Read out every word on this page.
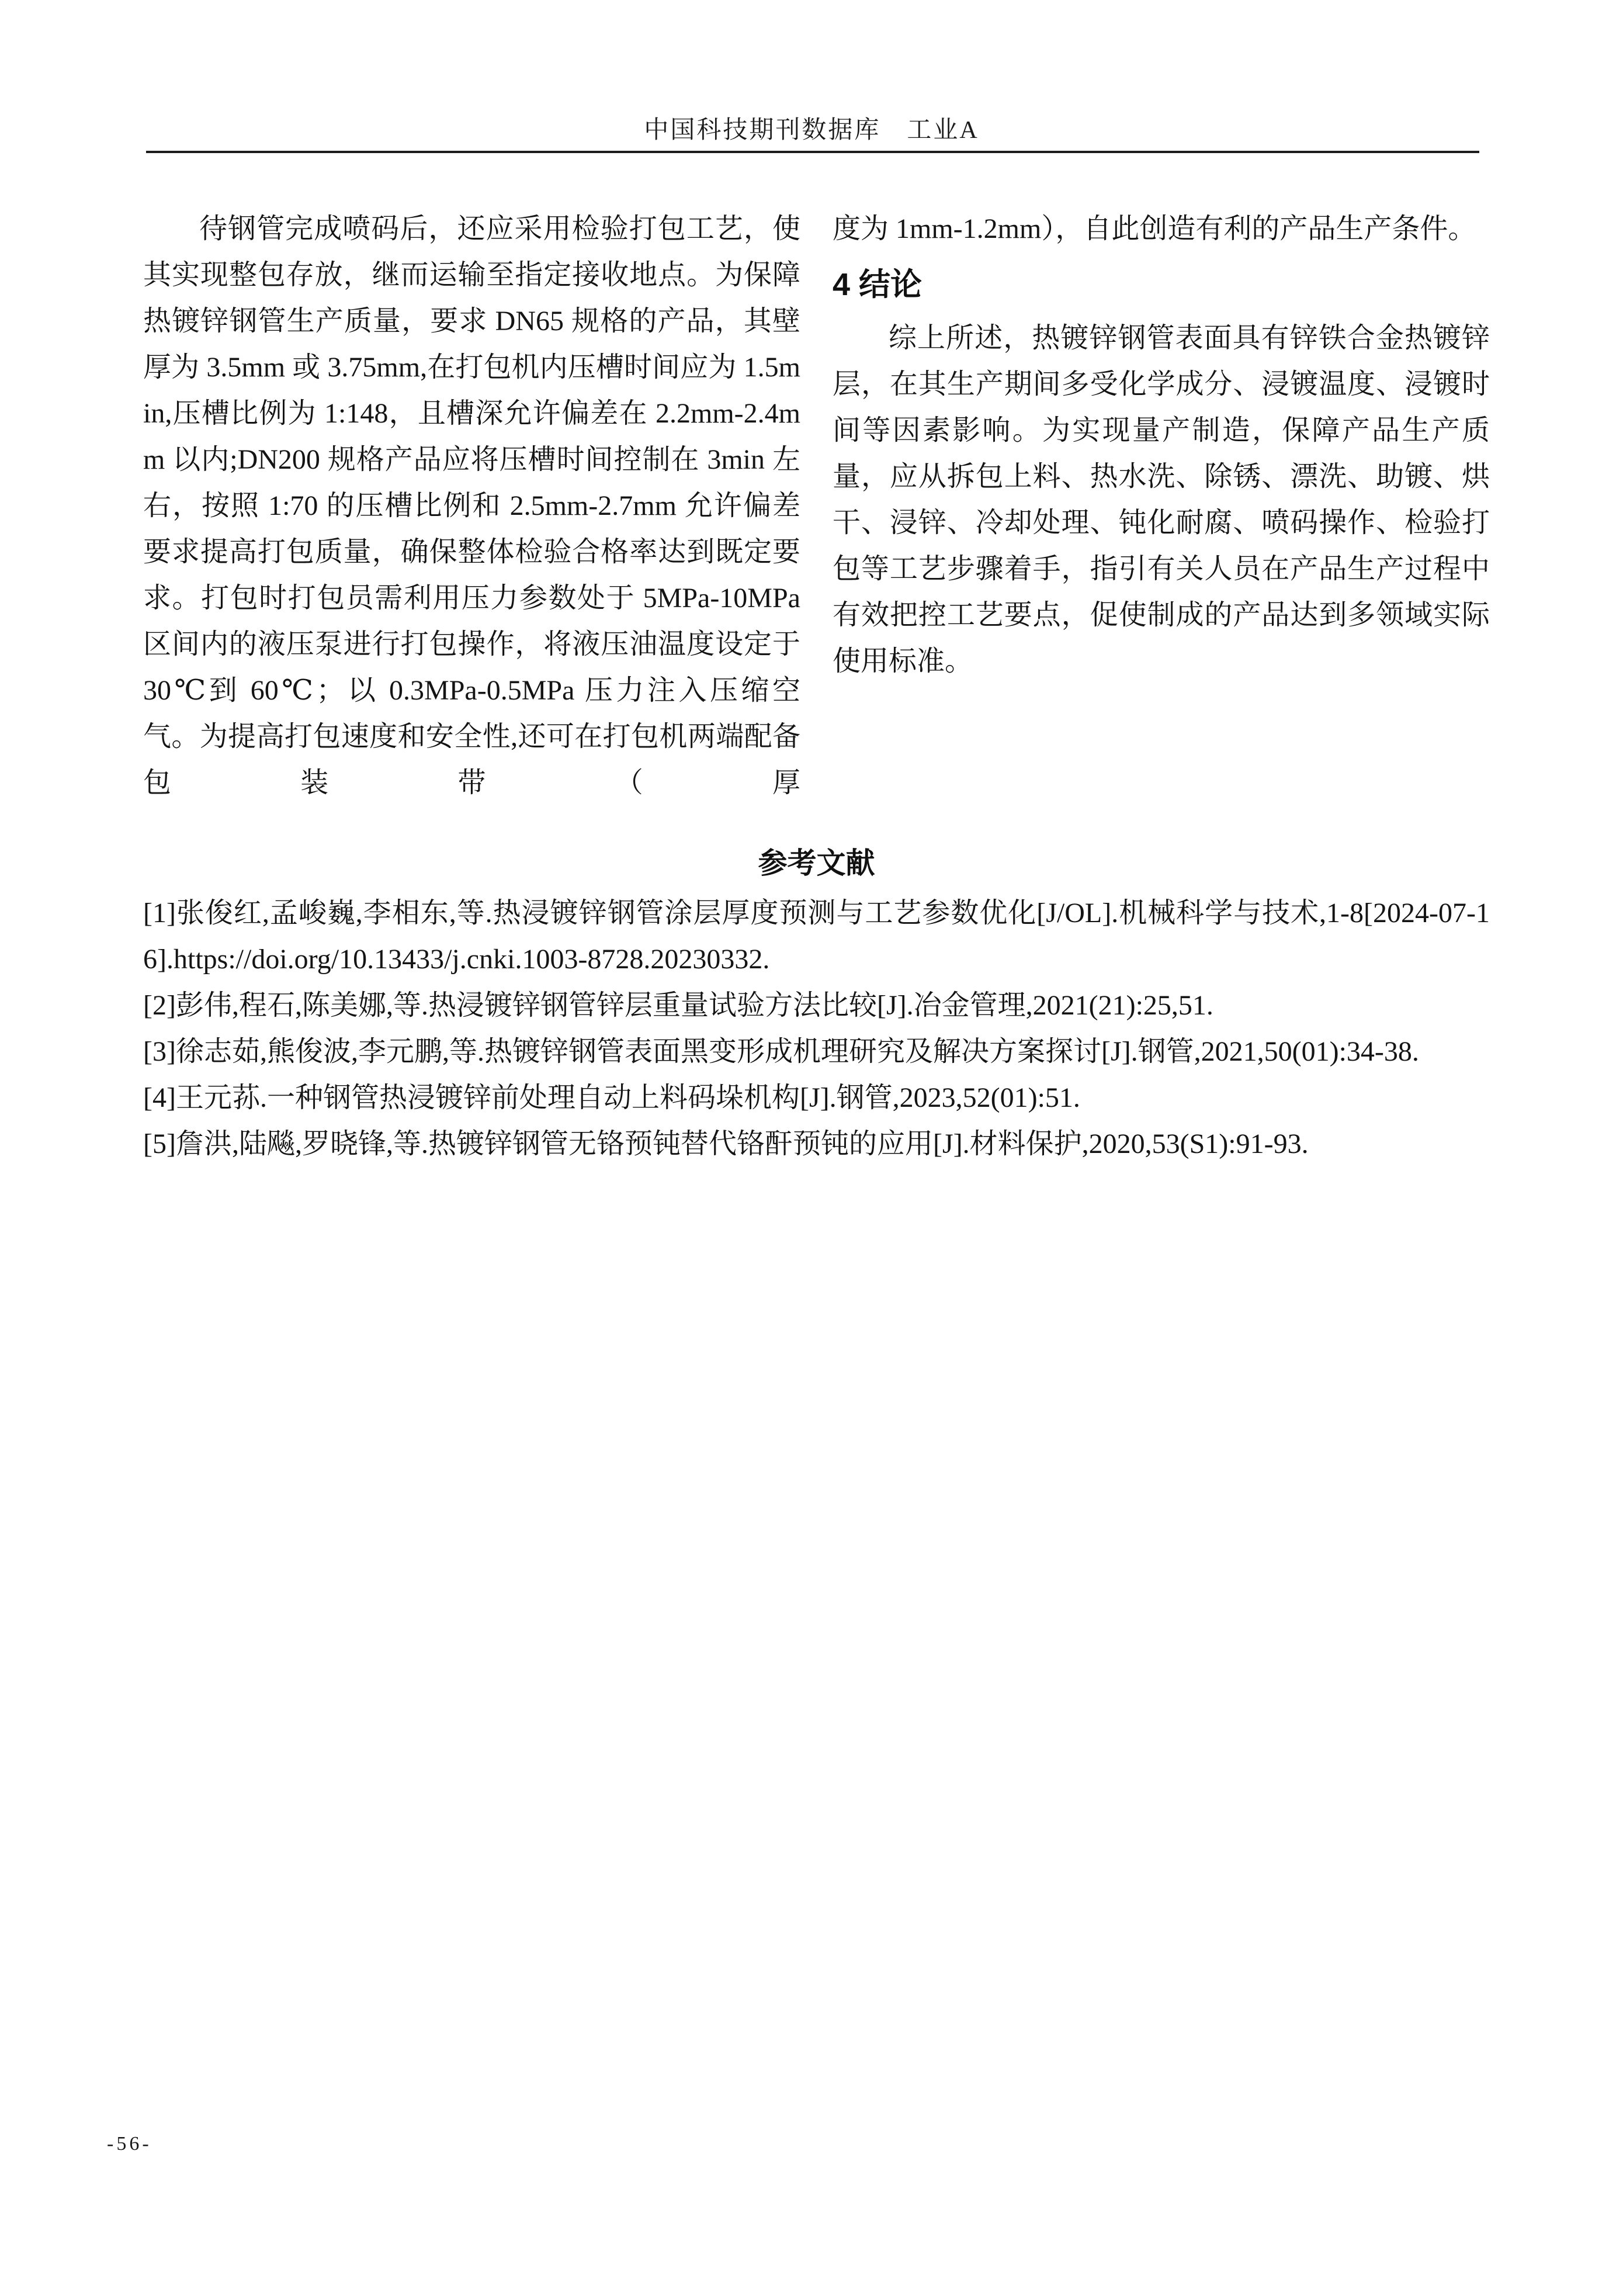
中国科技期刊数据库　工业A

待钢管完成喷码后，还应采用检验打包工艺，使其实现整包存放，继而运输至指定接收地点。为保障热镀锌钢管生产质量，要求 DN65 规格的产品，其壁厚为 3.5mm 或 3.75mm,在打包机内压槽时间应为 1.5min,压槽比例为 1:148，且槽深允许偏差在 2.2mm-2.4mm 以内;DN200 规格产品应将压槽时间控制在 3min 左右，按照 1:70 的压槽比例和 2.5mm-2.7mm 允许偏差要求提高打包质量，确保整体检验合格率达到既定要求。打包时打包员需利用压力参数处于 5MPa-10MPa 区间内的液压泵进行打包操作，将液压油温度设定于 30℃到 60℃；以 0.3MPa-0.5MPa 压力注入压缩空气。为提高打包速度和安全性,还可在打包机两端配备包装带（厚

度为 1mm-1.2mm），自此创造有利的产品生产条件。

4 结论

综上所述，热镀锌钢管表面具有锌铁合金热镀锌层，在其生产期间多受化学成分、浸镀温度、浸镀时间等因素影响。为实现量产制造，保障产品生产质量，应从拆包上料、热水洗、除锈、漂洗、助镀、烘干、浸锌、冷却处理、钝化耐腐、喷码操作、检验打包等工艺步骤着手，指引有关人员在产品生产过程中有效把控工艺要点，促使制成的产品达到多领域实际使用标准。

参考文献

[1]张俊红,孟峻巍,李相东,等.热浸镀锌钢管涂层厚度预测与工艺参数优化[J/OL].机械科学与技术,1-8[2024-07-16].https://doi.org/10.13433/j.cnki.1003-8728.20230332.

[2]彭伟,程石,陈美娜,等.热浸镀锌钢管锌层重量试验方法比较[J].冶金管理,2021(21):25,51.

[3]徐志茹,熊俊波,李元鹏,等.热镀锌钢管表面黑变形成机理研究及解决方案探讨[J].钢管,2021,50(01):34-38.

[4]王元荪.一种钢管热浸镀锌前处理自动上料码垛机构[J].钢管,2023,52(01):51.

[5]詹洪,陆飚,罗晓锋,等.热镀锌钢管无铬预钝替代铬酐预钝的应用[J].材料保护,2020,53(S1):91-93.

-56-
